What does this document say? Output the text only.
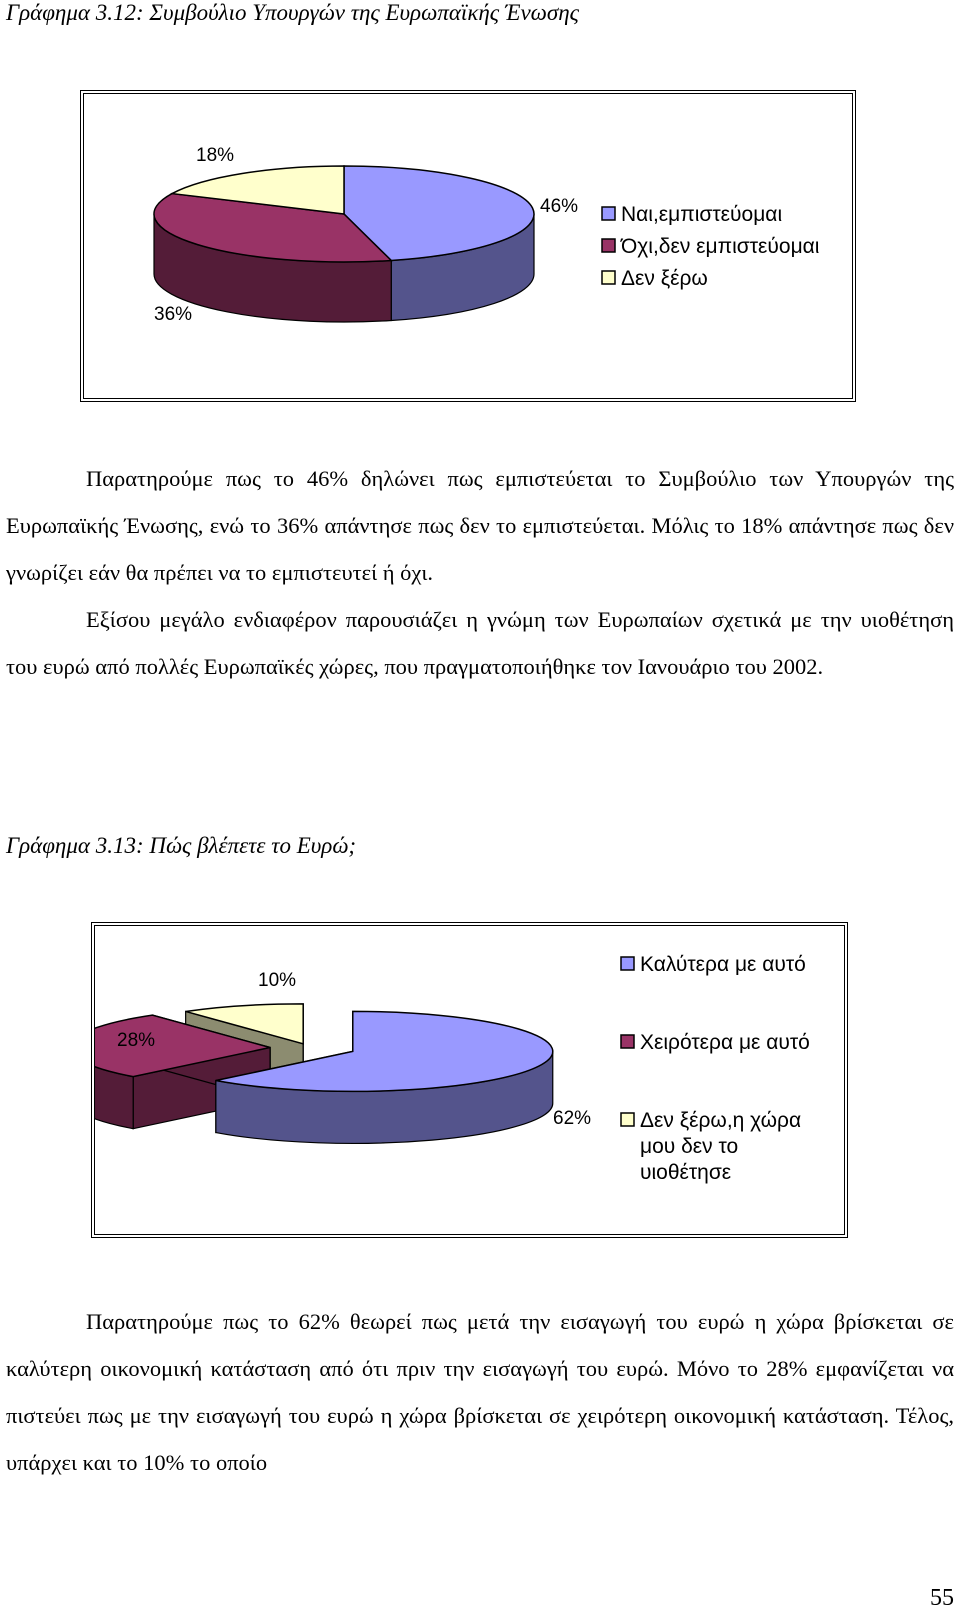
Γράφημα 3.12: Συμβούλιο Υπουργών της Ευρωπαϊκής Ένωσης
46%
36%
18%
Ναι,εμπιστεύομαι
Όχι,δεν εμπιστεύομαι
Δεν ξέρω

Παρατηρούμε πως το 46% δηλώνει πως εμπιστεύεται το Συμβούλιο των Υπουργών της Ευρωπαϊκής Ένωσης, ενώ το 36% απάντησε πως δεν το εμπιστεύεται. Μόλις το 18% απάντησε πως δεν γνωρίζει εάν θα πρέπει να το εμπιστευτεί ή όχι.

Εξίσου μεγάλο ενδιαφέρον παρουσιάζει η γνώμη των Ευρωπαίων σχετικά με την υιοθέτηση του ευρώ από πολλές Ευρωπαϊκές χώρες, που πραγματοποιήθηκε τον Ιανουάριο του 2002.

Γράφημα 3.13: Πώς βλέπετε το Ευρώ;
62%
28%
10%
Καλύτερα με αυτό
Χειρότερα με αυτό
Δεν ξέρω,η χώρα
μου δεν το
υιοθέτησε

Παρατηρούμε πως το 62% θεωρεί πως μετά την εισαγωγή του ευρώ η χώρα βρίσκεται σε καλύτερη οικονομική κατάσταση από ότι πριν την εισαγωγή του ευρώ. Μόνο το 28% εμφανίζεται να πιστεύει πως με την εισαγωγή του ευρώ η χώρα βρίσκεται σε χειρότερη οικονομική κατάσταση. Τέλος, υπάρχει και το 10% το οποίο

55
